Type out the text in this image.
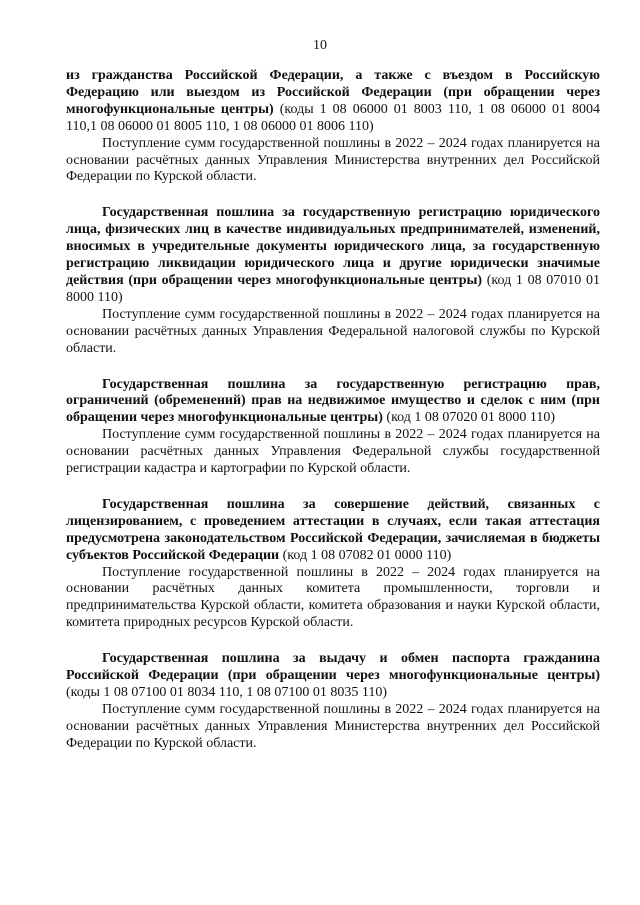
10

из гражданства Российской Федерации, а также с въездом в Российскую Федерацию или выездом из Российской Федерации (при обращении через многофункциональные центры) (коды 1 08 06000 01 8003 110, 1 08 06000 01 8004 110,1 08 06000 01 8005 110, 1 08 06000 01 8006 110)

Поступление сумм государственной пошлины в 2022 – 2024 годах планируется на основании расчётных данных Управления Министерства внутренних дел Российской Федерации по Курской области.

Государственная пошлина за государственную регистрацию юридического лица, физических лиц в качестве индивидуальных предпринимателей, изменений, вносимых в учредительные документы юридического лица, за государственную регистрацию ликвидации юридического лица и другие юридически значимые действия (при обращении через многофункциональные центры) (код 1 08 07010 01 8000 110)

Поступление сумм государственной пошлины в 2022 – 2024 годах планируется на основании расчётных данных Управления Федеральной налоговой службы по Курской области.

Государственная пошлина за государственную регистрацию прав, ограничений (обременений) прав на недвижимое имущество и сделок с ним (при обращении через многофункциональные центры) (код 1 08 07020 01 8000 110)

Поступление сумм государственной пошлины в 2022 – 2024 годах планируется на основании расчётных данных Управления Федеральной службы государственной регистрации кадастра и картографии по Курской области.

Государственная пошлина за совершение действий, связанных с лицензированием, с проведением аттестации в случаях, если такая аттестация предусмотрена законодательством Российской Федерации, зачисляемая в бюджеты субъектов Российской Федерации (код 1 08 07082 01 0000 110)

Поступление государственной пошлины в 2022 – 2024 годах планируется на основании расчётных данных комитета промышленности, торговли и предпринимательства Курской области, комитета образования и науки Курской области, комитета природных ресурсов Курской области.

Государственная пошлина за выдачу и обмен паспорта гражданина Российской Федерации (при обращении через многофункциональные центры) (коды 1 08 07100 01 8034 110, 1 08 07100 01 8035 110)

Поступление сумм государственной пошлины в 2022 – 2024 годах планируется на основании расчётных данных Управления Министерства внутренних дел Российской Федерации по Курской области.
